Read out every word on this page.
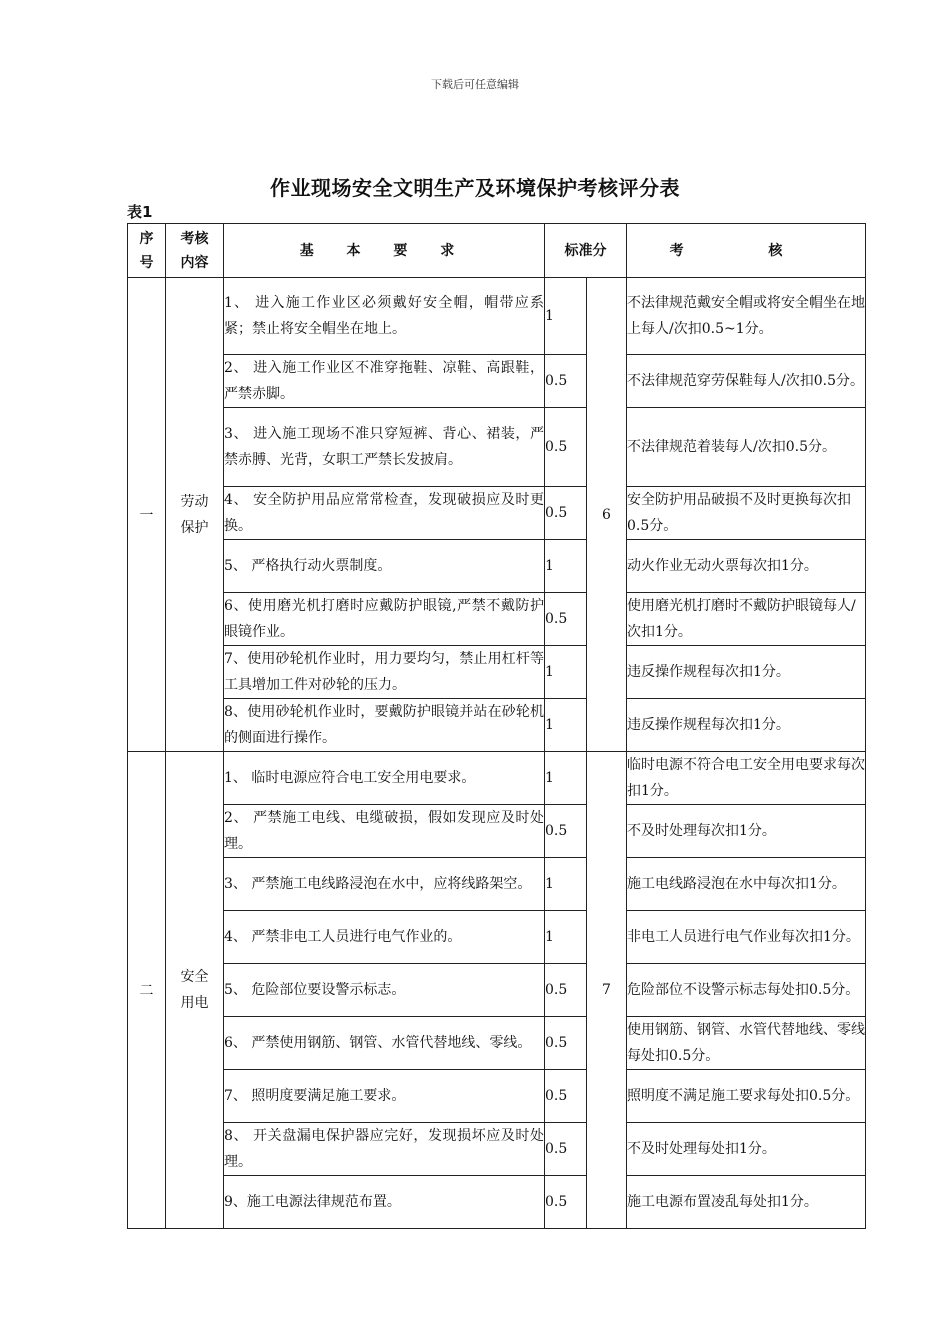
下载后可任意编辑
作业现场安全文明生产及环境保护考核评分表
表1
序号	考核内容	基 本 要 求	标准分		考 核
一	劳动保护	1、 进入施工作业区必须戴好安全帽，帽带应系紧；禁止将安全帽坐在地上。	1	6	不法律规范戴安全帽或将安全帽坐在地上每人/次扣0.5~1分。
		2、 进入施工作业区不准穿拖鞋、凉鞋、高跟鞋，严禁赤脚。	0.5		不法律规范穿劳保鞋每人/次扣0.5分。
		3、 进入施工现场不准只穿短裤、背心、裙装，严禁赤膊、光背，女职工严禁长发披肩。	0.5		不法律规范着装每人/次扣0.5分。
		4、 安全防护用品应常常检查，发现破损应及时更换。	0.5		安全防护用品破损不及时更换每次扣0.5分。
		5、 严格执行动火票制度。	1		动火作业无动火票每次扣1分。
		6、使用磨光机打磨时应戴防护眼镜,严禁不戴防护眼镜作业。	0.5		使用磨光机打磨时不戴防护眼镜每人/次扣1分。
		7、使用砂轮机作业时，用力要均匀，禁止用杠杆等工具增加工件对砂轮的压力。	1		违反操作规程每次扣1分。
		8、使用砂轮机作业时，要戴防护眼镜并站在砂轮机的侧面进行操作。	1		违反操作规程每次扣1分。
二	安全用电	1、 临时电源应符合电工安全用电要求。	1	7	临时电源不符合电工安全用电要求每次扣1分。
		2、 严禁施工电线、电缆破损，假如发现应及时处理。	0.5		不及时处理每次扣1分。
		3、 严禁施工电线路浸泡在水中，应将线路架空。	1		施工电线路浸泡在水中每次扣1分。
		4、 严禁非电工人员进行电气作业的。	1		非电工人员进行电气作业每次扣1分。
		5、 危险部位要设警示标志。	0.5		危险部位不设警示标志每处扣0.5分。
		6、 严禁使用钢筋、钢管、水管代替地线、零线。	0.5		使用钢筋、钢管、水管代替地线、零线每处扣0.5分。
		7、 照明度要满足施工要求。	0.5		照明度不满足施工要求每处扣0.5分。
		8、 开关盘漏电保护器应完好，发现损坏应及时处理。	0.5		不及时处理每处扣1分。
		9、施工电源法律规范布置。	0.5		施工电源布置凌乱每处扣1分。
